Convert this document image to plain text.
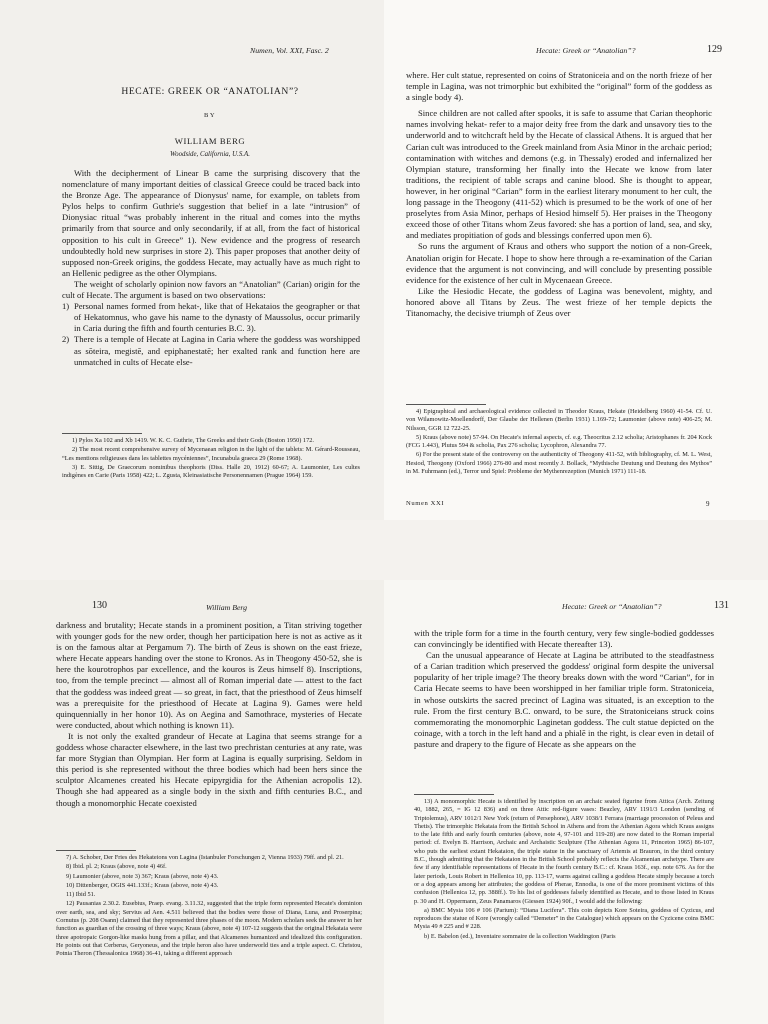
Numen, Vol. XXI, Fasc. 2
HECATE: GREEK OR “ANATOLIAN”?
BY
WILLIAM BERG
Woodside, California, U.S.A.

With the decipherment of Linear B came the surprising discovery that the nomenclature of many important deities of classical Greece could be traced back into the Bronze Age. The appearance of Dionysus' name, for example, on tablets from Pylos helps to confirm Guthrie's suggestion that belief in a late “intrusion” of Dionysiac ritual “was probably inherent in the ritual and comes into the myths primarily from that source and only secondarily, if at all, from the fact of historical opposition to his cult in Greece” 1). New evidence and the progress of research undoubtedly hold new surprises in store 2). This paper proposes that another deity of supposed non-Greek origins, the goddess Hecate, may actually have as much right to an Hellenic pedigree as the other Olympians.

The weight of scholarly opinion now favors an “Anatolian” (Carian) origin for the cult of Hecate. The argument is based on two observations:

1) Personal names formed from hekat-, like that of Hekataios the geographer or that of Hekatomnus, who gave his name to the dynasty of Maussolus, occur primarily in Caria during the fifth and fourth centuries B.C. 3).
2) There is a temple of Hecate at Lagina in Caria where the goddess was worshipped as sōteira, megistē, and epiphanestatē; her exalted rank and function here are unmatched in cults of Hecate else-

1) Pylos Xa 102 and Xb 1419. W. K. C. Guthrie, The Greeks and their Gods (Boston 1950) 172.

2) The most recent comprehensive survey of Mycenaean religion in the light of the tablets: M. Gérard-Rousseau, “Les mentions religieuses dans les tablettes mycéniennes”, Incunabula graeca 29 (Rome 1968).

3) E. Sittig, De Graecorum nominibus theophoris (Diss. Halle 20, 1912) 60-67; A. Laumonier, Les cultes indigènes en Carie (Paris 1958) 422; L. Zgusta, Kleinasiatische Personennamen (Prague 1964) 159.

Hecate: Greek or “Anatolian”?	129

where. Her cult statue, represented on coins of Stratoniceia and on the north frieze of her temple in Lagina, was not trimorphic but exhibited the “original” form of the goddess as a single body 4).

Since children are not called after spooks, it is safe to assume that Carian theophoric names involving hekat- refer to a major deity free from the dark and unsavory ties to the underworld and to witchcraft held by the Hecate of classical Athens. It is argued that her Carian cult was introduced to the Greek mainland from Asia Minor in the archaic period; contamination with witches and demons (e.g. in Thessaly) eroded and infernalized her Olympian stature, transforming her finally into the Hecate we know from later traditions, the recipient of table scraps and canine blood. She is thought to appear, however, in her original “Carian” form in the earliest literary monument to her cult, the long passage in the Theogony (411-52) which is presumed to be the work of one of her proselytes from Asia Minor, perhaps of Hesiod himself 5). Her praises in the Theogony exceed those of other Titans whom Zeus favored: she has a portion of land, sea, and sky, and mediates propitiation of gods and blessings conferred upon men 6).

So runs the argument of Kraus and others who support the notion of a non-Greek, Anatolian origin for Hecate. I hope to show here through a re-examination of the Carian evidence that the argument is not convincing, and will conclude by presenting possible evidence for the existence of her cult in Mycenaean Greece.

Like the Hesiodic Hecate, the goddess of Lagina was benevolent, mighty, and honored above all Titans by Zeus. The west frieze of her temple depicts the Titanomachy, the decisive triumph of Zeus over

4) Epigraphical and archaeological evidence collected in Theodor Kraus, Hekate (Heidelberg 1960) 41-54. Cf. U. von Wilamowitz-Moellendorff, Der Glaube der Hellenen (Berlin 1931) 1.169-72; Laumonier (above note) 406-25; M. Nilsson, GGR 12 722-25.

5) Kraus (above note) 57-94. On Hecate's infernal aspects, cf. e.g. Theocritus 2.12 scholia; Aristophanes fr. 204 Kock (FCG 1.443), Plutus 594 & scholia, Pax 276 scholia; Lycophron, Alexandra 77.

6) For the present state of the controversy on the authenticity of Theogony 411-52, with bibliography, cf. M. L. West, Hesiod, Theogony (Oxford 1966) 276-80 and most recently J. Bollack, “Mythische Deutung und Deutung des Mythos” in M. Fuhrmann (ed.), Terror und Spiel: Probleme der Mythenrezeption (Munich 1971) 111-18.

Numen XXI	9
130	William Berg

darkness and brutality; Hecate stands in a prominent position, a Titan striving together with younger gods for the new order, though her participation here is not as active as it is on the famous altar at Pergamum 7). The birth of Zeus is shown on the east frieze, where Hecate appears handing over the stone to Kronos. As in Theogony 450-52, she is here the kourotrophos par excellence, and the kouros is Zeus himself 8). Inscriptions, too, from the temple precinct — almost all of Roman imperial date — attest to the fact that the goddess was indeed great — so great, in fact, that the priesthood of Zeus himself was a prerequisite for the priesthood of Hecate at Lagina 9). Games were held quinquennially in her honor 10). As on Aegina and Samothrace, mysteries of Hecate were conducted, about which nothing is known 11).

It is not only the exalted grandeur of Hecate at Lagina that seems strange for a goddess whose character elsewhere, in the last two prechristan centuries at any rate, was far more Stygian than Olympian. Her form at Lagina is equally surprising. Seldom in this period is she represented without the three bodies which had been hers since the sculptor Alcamenes created his Hecate epipyrgidia for the Athenian acropolis 12). Though she had appeared as a single body in the sixth and fifth centuries B.C., and though a monomorphic Hecate coexisted

7) A. Schober, Der Fries des Hekateions von Lagina (Istanbuler Forschungen 2, Vienna 1933) 79ff. and pl. 21.

8) Ibid. pl. 2; Kraus (above, note 4) 46f.

9) Laumonier (above, note 3) 367; Kraus (above, note 4) 43.

10) Dittenberger, OGIS 441.133f.; Kraus (above, note 4) 43.

11) Ibid 51.

12) Pausanias 2.30.2. Eusebius, Praep. evang. 3.11.32, suggested that the triple form represented Hecate's dominion over earth, sea, and sky; Servius ad Aen. 4.511 believed that the bodies were those of Diana, Luna, and Proserpina; Cornutus (p. 208 Osann) claimed that they represented three phases of the moon. Modern scholars seek the answer in her function as guardian of the crossing of three ways; Kraus (above, note 4) 107-12 suggests that the original Hekataia were three apotropaic Gorgon-like masks hung from a pillar, and that Alcamenes humanized and idealized this configuration. He points out that Cerberus, Geryoneus, and the triple heron also have underworld ties and a triple aspect. C. Christou, Potnia Theron (Thessalonica 1968) 36-41, taking a different approach

Hecate: Greek or “Anatolian”?	131

with the triple form for a time in the fourth century, very few single-bodied goddesses can convincingly be identified with Hecate thereafter 13).

Can the unusual appearance of Hecate at Lagina be attributed to the steadfastness of a Carian tradition which preserved the goddess' original form despite the universal popularity of her triple image? The theory breaks down with the word “Carian”, for in Caria Hecate seems to have been worshipped in her familiar triple form. Stratoniceia, in whose outskirts the sacred precinct of Lagina was situated, is an exception to the rule. From the first century B.C. onward, to be sure, the Stratoniceians struck coins commemorating the monomorphic Laginetan goddess. The cult statue depicted on the coinage, with a torch in the left hand and a phialē in the right, is clear even in detail of pasture and drapery to the figure of Hecate as she appears on the

13) A monomorphic Hecate is identified by inscription on an archaic seated figurine from Attica (Arch. Zeitung 40, 1882, 265, = IG 12 836) and on three Attic red-figure vases: Beazley, ARV 1191/3 London (sending of Triptolemus), ARV 1012/1 New York (return of Persephone), ARV 1038/1 Ferrara (marriage procession of Peleus and Thetis). The trimorphic Hekataia from the British School in Athens and from the Athenian Agora which Kraus assigns to the late fifth and early fourth centuries (above, note 4, 97-101 and 119-28) are now dated to the Roman imperial period: cf. Evelyn B. Harrison, Archaic and Archaistic Sculpture (The Athenian Agora 11, Princeton 1965) 86-107, who puts the earliest extant Hekataion, the triple statue in the sanctuary of Artemis at Brauron, in the third century B.C., though admitting that the Hekataion in the British School probably reflects the Alcamenian archetype. There are few if any identifiable representations of Hecate in the fourth century B.C.: cf. Kraus 163f., esp. note 676. As for the later periods, Louis Robert in Hellenica 10, pp. 113-17, warns against calling a goddess Hecate simply because a torch or a dog appears among her attributes; the goddess of Pherae, Ennodia, is one of the more prominent victims of this confusion (Hellenica 12, pp. 388ff.). To his list of goddesses falsely identified as Hecate, and to those listed in Kraus p. 30 and H. Oppermann, Zeus Panamaros (Giessen 1924) 90f., I would add the following:

a) BMC Mysia 106 # 106 (Parium): “Diana Lucifera”. This coin depicts Kore Soteira, goddess of Cyzicus, and reproduces the statue of Kore (wrongly called “Demeter” in the Catalogue) which appears on the Cyzicene coins BMC Mysia 49 # 225 and # 228.

b) E. Babelon (ed.), Inventaire sommaire de la collection Waddington (Paris
